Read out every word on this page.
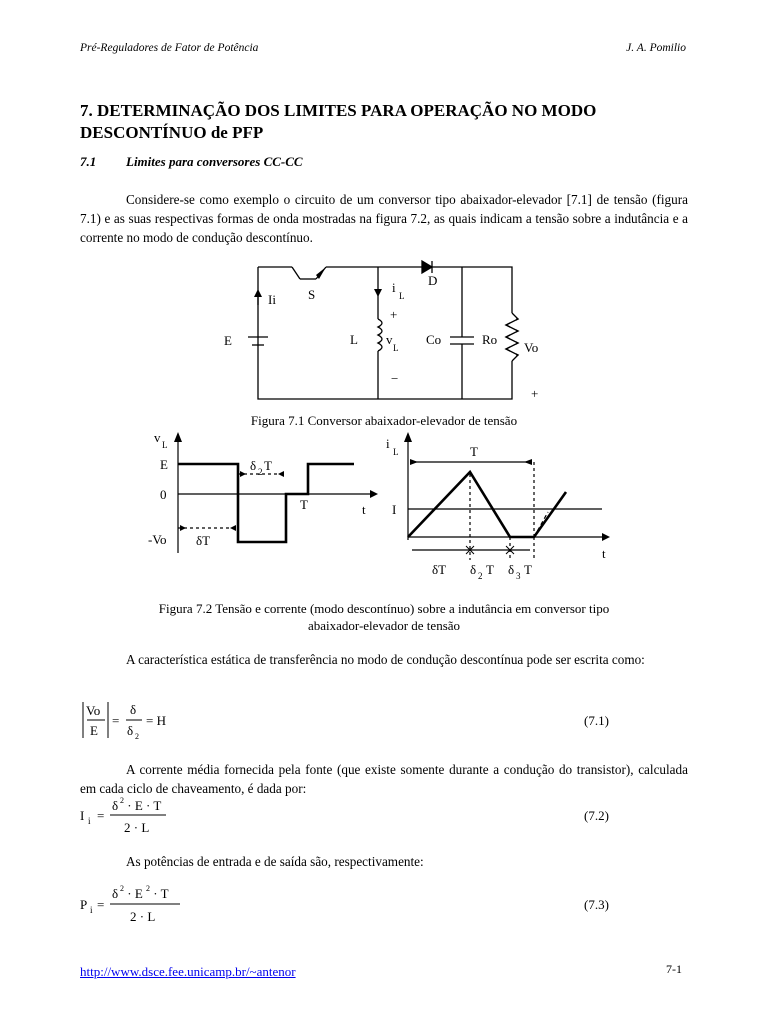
Pré-Reguladores de Fator de Potência	J. A. Pomilio
7. DETERMINAÇÃO DOS LIMITES PARA OPERAÇÃO NO MODO
DESCONTÍNUO de PFP
7.1 Limites para conversores CC-CC
Considere-se como exemplo o circuito de um conversor tipo abaixador-elevador [7.1] de tensão (figura 7.1) e as suas respectivas formas de onda mostradas na figura 7.2, as quais indicam a tensão sobre a indutância e a corrente no modo de condução descontínuo.
E
Ii S
D
i
L
+
L v
L
−
Co	Ro
Vo
+
Figura 7.1 Conversor abaixador-elevador de tensão
v L
E
0
-Vo
δ 2 T
T	t
δT
i
L	T
I
t
δT δ 2 T δ 3 T
Figura 7.2 Tensão e corrente (modo descontínuo) sobre a indutância em conversor tipo
abaixador-elevador de tensão
A característica estática de transferência no modo de condução descontínua pode ser escrita como:
Vo
E
=
δ
δ 2
= H	(7.1)
A corrente média fornecida pela fonte (que existe somente durante a condução do transistor), calculada em cada ciclo de chaveamento, é dada por:
I i =
δ 2 · E · T
2 · L
(7.2)
As potências de entrada e de saída são, respectivamente:
P i =
δ 2 · E 2 · T
2 · L
(7.3)
http://www.dsce.fee.unicamp.br/~antenor	7-1
